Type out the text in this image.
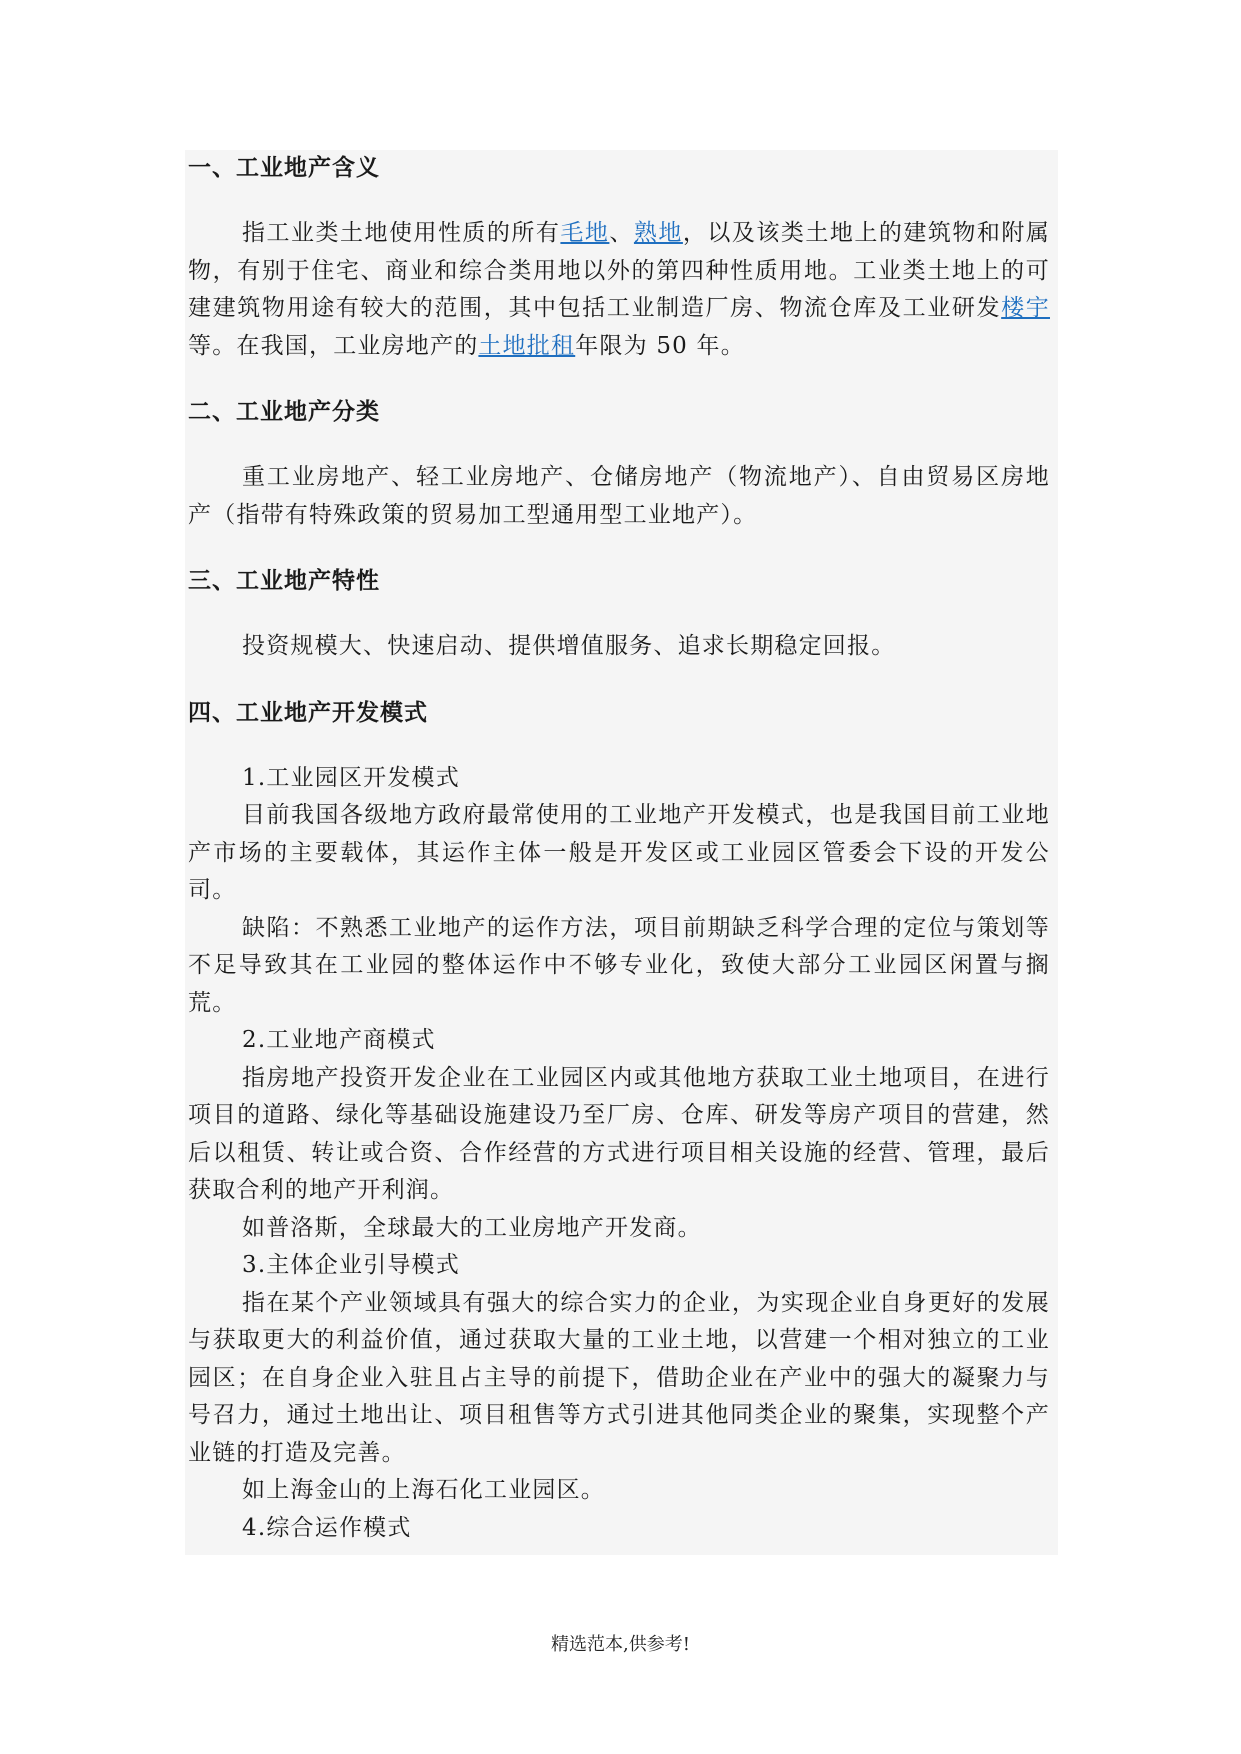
一、工业地产含义

指工业类土地使用性质的所有毛地、熟地，以及该类土地上的建筑物和附属物，有别于住宅、商业和综合类用地以外的第四种性质用地。工业类土地上的可建建筑物用途有较大的范围，其中包括工业制造厂房、物流仓库及工业研发楼宇等。在我国，工业房地产的土地批租年限为 50 年。

二、工业地产分类

重工业房地产、轻工业房地产、仓储房地产（物流地产）、自由贸易区房地产（指带有特殊政策的贸易加工型通用型工业地产）。

三、工业地产特性

投资规模大、快速启动、提供增值服务、追求长期稳定回报。

四、工业地产开发模式

1.工业园区开发模式

目前我国各级地方政府最常使用的工业地产开发模式，也是我国目前工业地产市场的主要载体，其运作主体一般是开发区或工业园区管委会下设的开发公司。

缺陷：不熟悉工业地产的运作方法，项目前期缺乏科学合理的定位与策划等不足导致其在工业园的整体运作中不够专业化，致使大部分工业园区闲置与搁荒。

2.工业地产商模式

指房地产投资开发企业在工业园区内或其他地方获取工业土地项目，在进行项目的道路、绿化等基础设施建设乃至厂房、仓库、研发等房产项目的营建，然后以租赁、转让或合资、合作经营的方式进行项目相关设施的经营、管理，最后获取合利的地产开利润。

如普洛斯，全球最大的工业房地产开发商。

3.主体企业引导模式

指在某个产业领域具有强大的综合实力的企业，为实现企业自身更好的发展与获取更大的利益价值，通过获取大量的工业土地，以营建一个相对独立的工业园区；在自身企业入驻且占主导的前提下，借助企业在产业中的强大的凝聚力与号召力，通过土地出让、项目租售等方式引进其他同类企业的聚集，实现整个产业链的打造及完善。

如上海金山的上海石化工业园区。

4.综合运作模式

精选范本,供参考!
